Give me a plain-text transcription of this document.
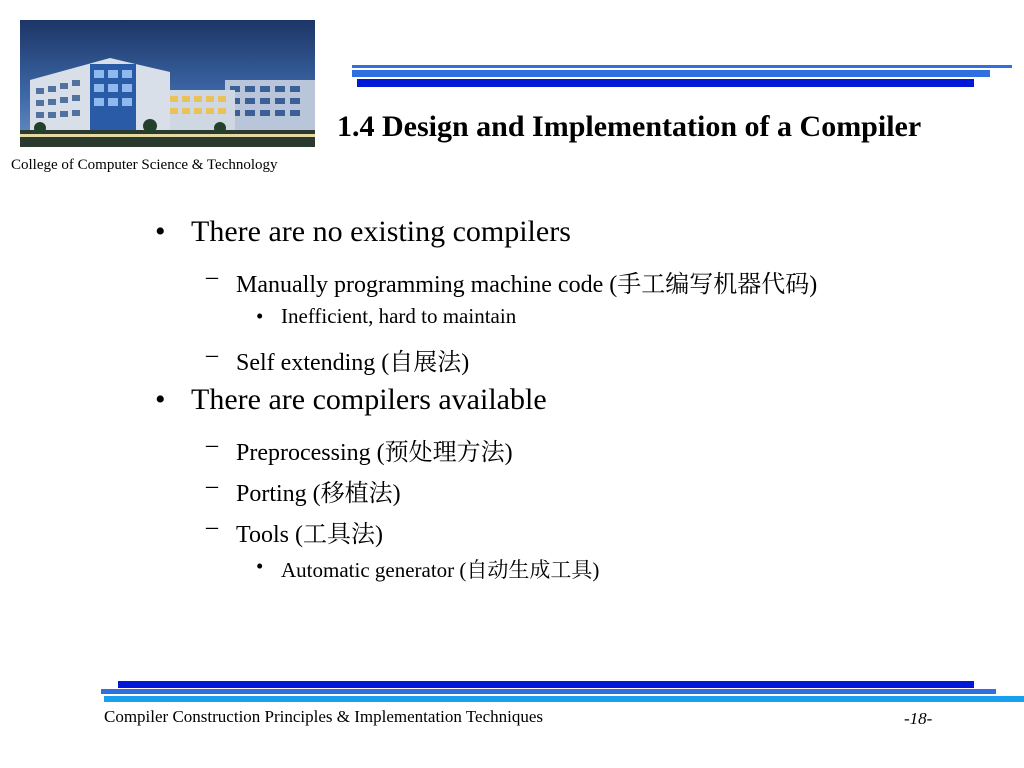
College of Computer Science & Technology
1.4 Design and Implementation of a Compiler
• There are no existing compilers
– Manually programming machine code (手工编写机器代码)
• Inefficient, hard to maintain
– Self extending (自展法)
• There are compilers available
– Preprocessing (预处理方法)
– Porting (移植法)
– Tools (工具法)
• Automatic generator (自动生成工具)
Compiler Construction Principles & Implementation Techniques	-18-
